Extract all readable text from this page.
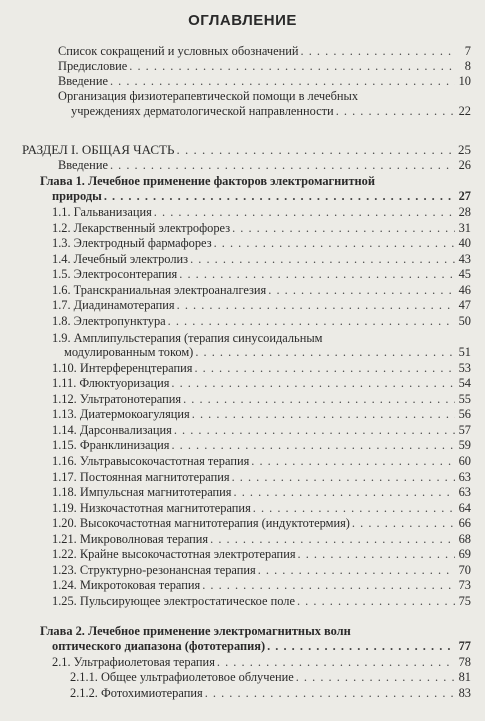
ОГЛАВЛЕНИЕ
Список сокращений и условных обозначений . . .	7
Предисловие . . .	8
Введение . . .	10
Организация физиотерапевтической помощи в лечебных
учреждениях дерматологической направленности . . .	22
РАЗДЕЛ I. ОБЩАЯ ЧАСТЬ . . .	25
Введение . . .	26
Глава 1. Лечебное применение факторов электромагнитной
природы . . .	27
1.1. Гальванизация . . .	28
1.2. Лекарственный электрофорез . . .	31
1.3. Электродный фармафорез . . .	40
1.4. Лечебный электролиз . . .	43
1.5. Электросонтерапия . . .	45
1.6. Транскраниальная электроаналгезия . . .	46
1.7. Диадинамотерапия . . .	47
1.8. Электропунктура . . .	50
1.9. Амплипульстерапия (терапия синусоидальным
модулированным током) . . .	51
1.10. Интерференцтерапия . . .	53
1.11. Флюктуоризация . . .	54
1.12. Ультратонотерапия . . .	55
1.13. Диатермокоагуляция . . .	56
1.14. Дарсонвализация . . .	57
1.15. Франклинизация . . .	59
1.16. Ультравысокочастотная терапия . . .	60
1.17. Постоянная магнитотерапия . . .	63
1.18. Импульсная магнитотерапия . . .	63
1.19. Низкочастотная магнитотерапия . . .	64
1.20. Высокочастотная магнитотерапия (индуктотермия) . . .	66
1.21. Микроволновая терапия . . .	68
1.22. Крайне высокочастотная электротерапия . . .	69
1.23. Структурно-резонансная терапия . . .	70
1.24. Микротоковая терапия . . .	73
1.25. Пульсирующее электростатическое поле . . .	75
Глава 2. Лечебное применение электромагнитных волн
оптического диапазона (фототерапия) . . .	77
2.1. Ультрафиолетовая терапия . . .	78
2.1.1. Общее ультрафиолетовое облучение . . .	81
2.1.2. Фотохимиотерапия . . .	83
